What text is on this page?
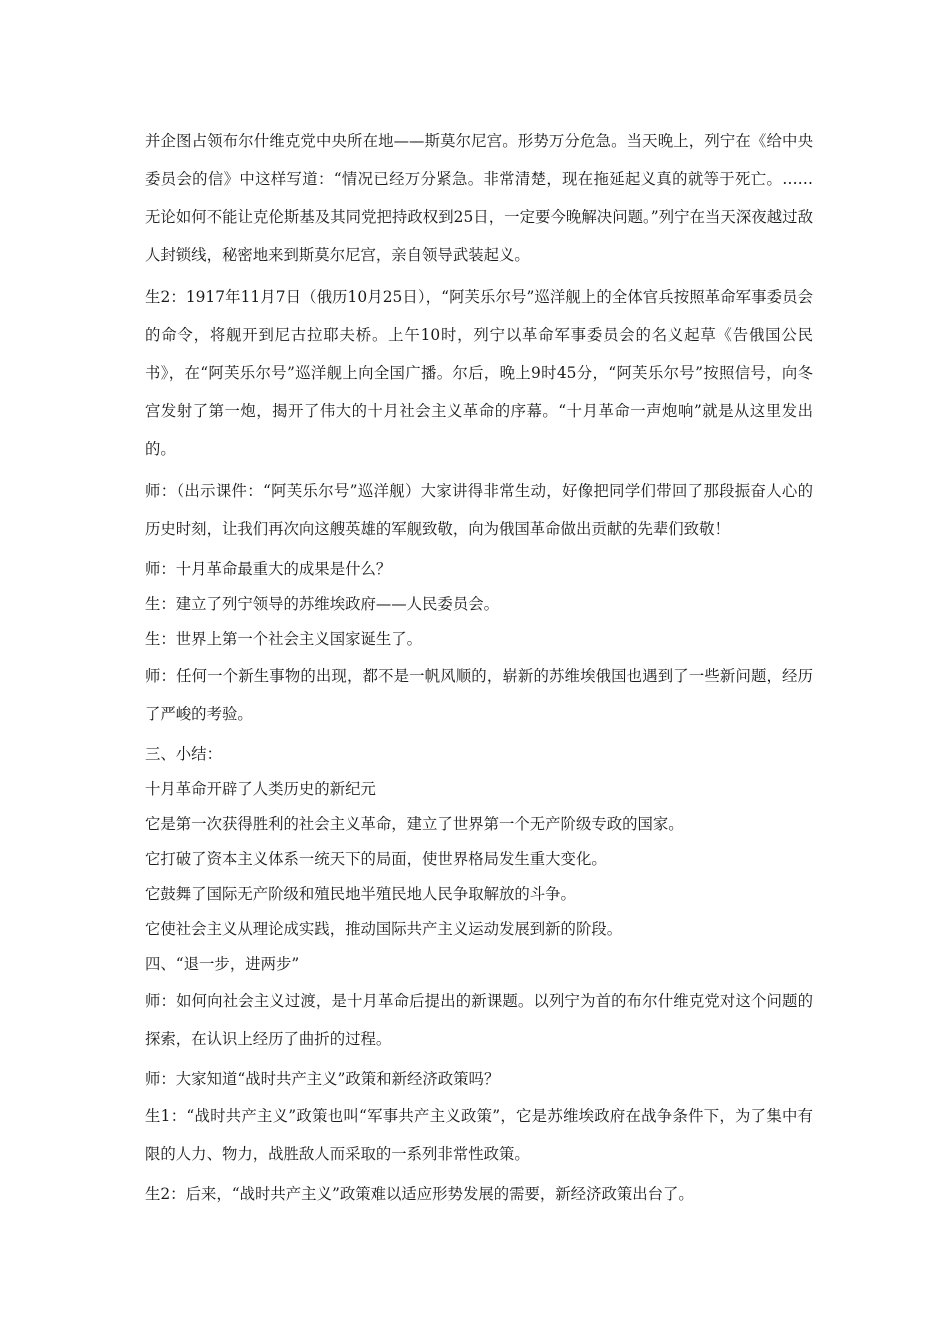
并企图占领布尔什维克党中央所在地——斯莫尔尼宫。形势万分危急。当天晚上，列宁在《给中央委员会的信》中这样写道：“情况已经万分紧急。非常清楚，现在拖延起义真的就等于死亡。……无论如何不能让克伦斯基及其同党把持政权到25日，一定要今晚解决问题。”列宁在当天深夜越过敌人封锁线，秘密地来到斯莫尔尼宫，亲自领导武装起义。

生2：1917年11月7日（俄历10月25日），“阿芙乐尔号”巡洋舰上的全体官兵按照革命军事委员会的命令，将舰开到尼古拉耶夫桥。上午10时，列宁以革命军事委员会的名义起草《告俄国公民书》，在“阿芙乐尔号”巡洋舰上向全国广播。尔后，晚上9时45分，“阿芙乐尔号”按照信号，向冬宫发射了第一炮，揭开了伟大的十月社会主义革命的序幕。“十月革命一声炮响”就是从这里发出的。

师：（出示课件：“阿芙乐尔号”巡洋舰）大家讲得非常生动，好像把同学们带回了那段振奋人心的历史时刻，让我们再次向这艘英雄的军舰致敬，向为俄国革命做出贡献的先辈们致敬！

师：十月革命最重大的成果是什么？

生：建立了列宁领导的苏维埃政府——人民委员会。

生：世界上第一个社会主义国家诞生了。

师：任何一个新生事物的出现，都不是一帆风顺的，崭新的苏维埃俄国也遇到了一些新问题，经历了严峻的考验。

三、小结：

十月革命开辟了人类历史的新纪元

它是第一次获得胜利的社会主义革命，建立了世界第一个无产阶级专政的国家。

它打破了资本主义体系一统天下的局面，使世界格局发生重大变化。

它鼓舞了国际无产阶级和殖民地半殖民地人民争取解放的斗争。

它使社会主义从理论成实践，推动国际共产主义运动发展到新的阶段。

四、“退一步，进两步”

师：如何向社会主义过渡，是十月革命后提出的新课题。以列宁为首的布尔什维克党对这个问题的探索，在认识上经历了曲折的过程。

师：大家知道“战时共产主义”政策和新经济政策吗？

生1：“战时共产主义”政策也叫“军事共产主义政策”，它是苏维埃政府在战争条件下，为了集中有限的人力、物力，战胜敌人而采取的一系列非常性政策。

生2：后来，“战时共产主义”政策难以适应形势发展的需要，新经济政策出台了。
